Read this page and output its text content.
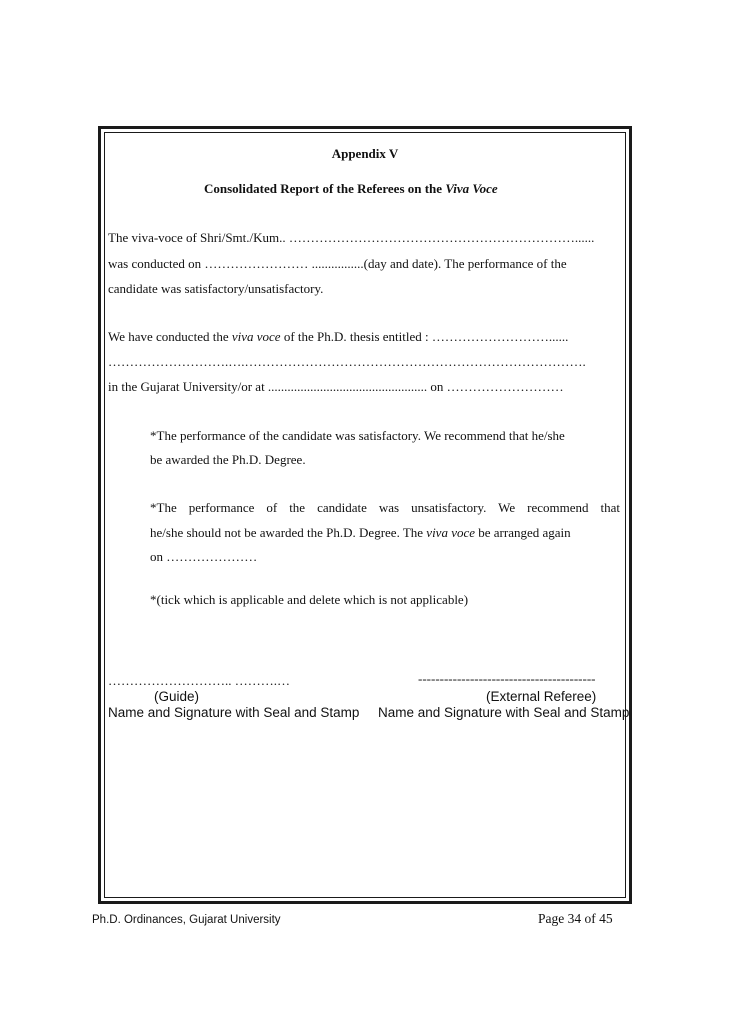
Appendix V
Consolidated Report of the Referees on the Viva Voce
The viva-voce of Shri/Smt./Kum.. …………………………………………………………......
was conducted on …………………… ................(day and date). The performance of the
candidate was satisfactory/unsatisfactory.
We have conducted the viva voce of the Ph.D. thesis entitled : ………………………......
……………………….….…………………………………………………………………….
in the Gujarat University/or at ................................................. on ………………………
*The performance of the candidate was satisfactory. We recommend that he/she
be awarded the Ph.D. Degree.
*The performance of the candidate was unsatisfactory. We recommend that
he/she should not be awarded the Ph.D. Degree. The viva voce be arranged again
on …………………
*(tick which is applicable and delete which is not applicable)
……………………….. ……….…
(Guide)
Name and Signature with Seal and Stamp
-----------------------------------------
(External Referee)
Name and Signature with Seal and Stamp
Ph.D. Ordinances, Gujarat University	Page 34 of 45
